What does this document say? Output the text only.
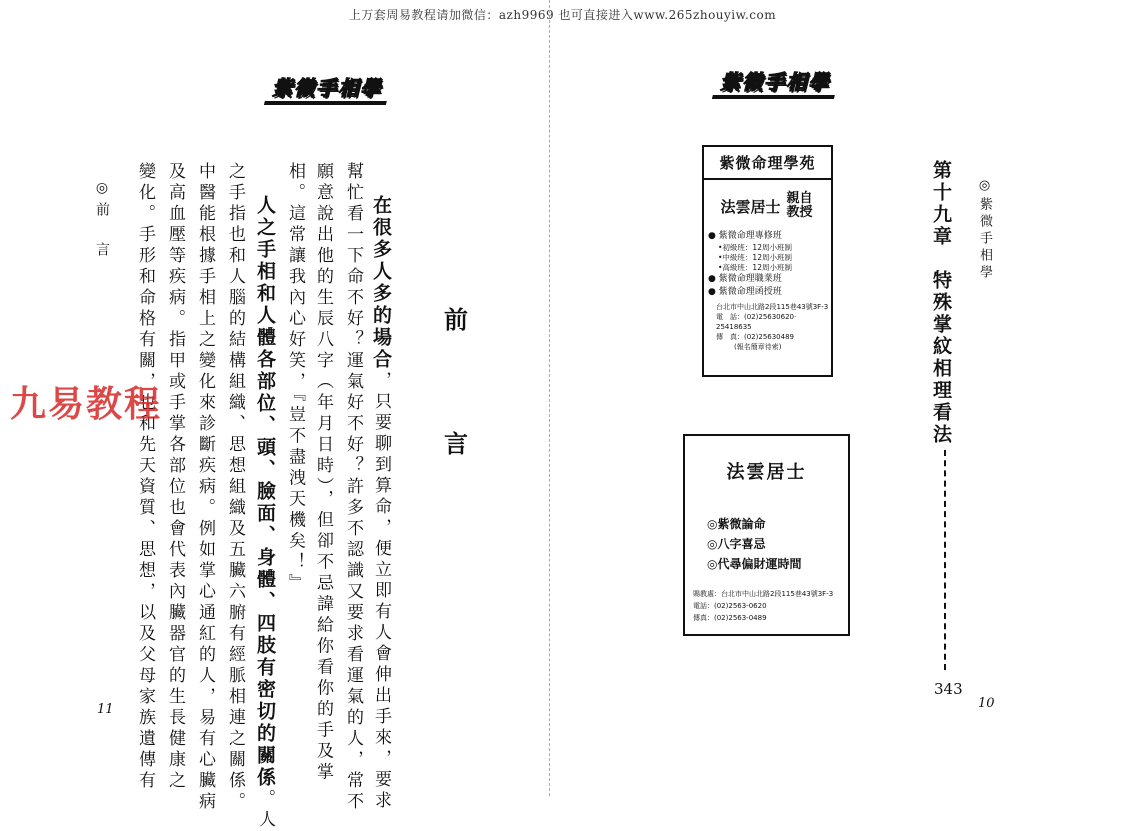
上万套周易教程请加微信：azh9969 也可直接进入www.265zhouyiw.com
紫微手相學
前
言
在很多人多的場合，只要聊到算命，便立即有人會伸出手來，要求
幫忙看一下命不好？運氣好不好？許多不認識又要求看運氣的人，常不
願意說出他的生辰八字（年月日時），但卻不忌諱給你看你的手及掌
相。這常讓我內心好笑，『豈不盡洩天機矣！』
人之手相和人體各部位、頭、臉面、身體、四肢有密切的關係。人
之手指也和人腦的結構組織、思想組織及五臟六腑有經脈相連之關係。
中醫能根據手相上之變化來診斷疾病。例如掌心通紅的人，易有心臟病
及高血壓等疾病。指甲或手掌各部位也會代表內臟器官的生長健康之
變化。手形和命格有關，也和先天資質、思想，以及父母家族遺傳有
◎前　言
11
九易教程
紫微手相學
紫微命理學苑
法雲居士 親自教授
● 紫微命理專修班
•初級班：12周小班制
•中級班：12周小班制
•高級班：12周小班制
● 紫微命理職業班
● 紫微命理函授班
台北市中山北路2段115巷43號3F-3
電　話：(02)25630620‧25418635
傳　真：(02)25630489
(報名簡章待索)
法雲居士
◎紫微論命
◎八字喜忌
◎代尋偏財運時間
賜教處：台北市中山北路2段115巷43號3F-3
電話：(02)2563-0620
傳真：(02)2563-0489
第十九章　特殊掌紋相理看法 ◎紫微手相學
343
10
